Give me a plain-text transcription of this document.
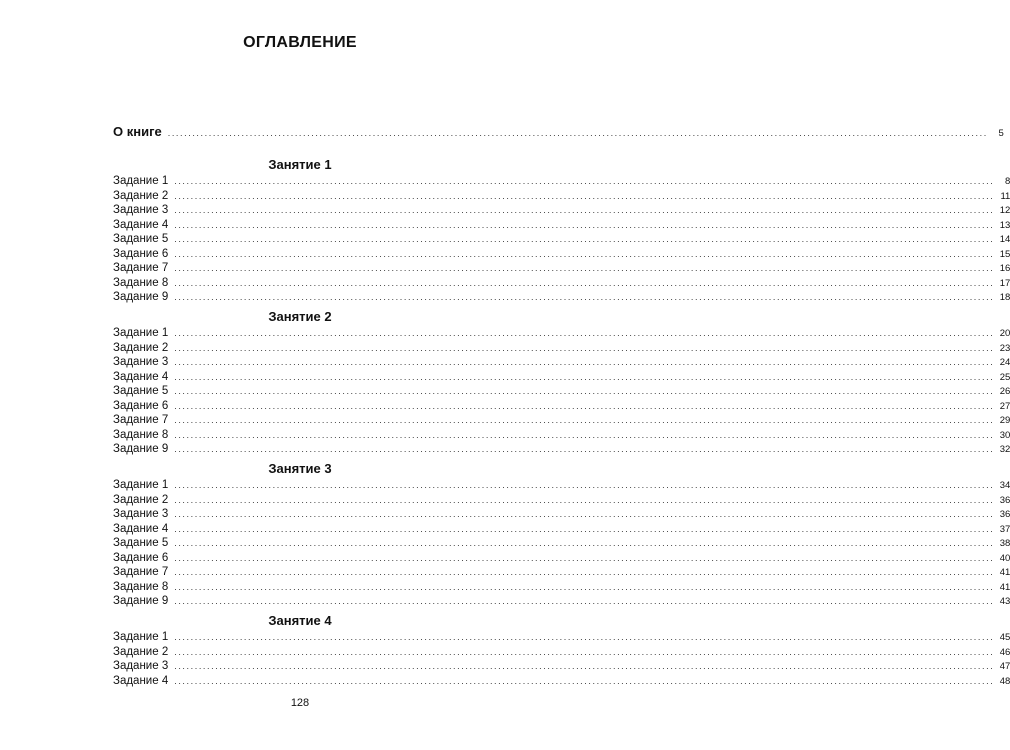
ОГЛАВЛЕНИЕ
О книге ........................................................................................................................................................................................................	5
Занятие 1
Задание 1 ........................................................................................................................................................................................................	8
Задание 2 ........................................................................................................................................................................................................ 11
Задание 3 ........................................................................................................................................................................................................ 12
Задание 4 ........................................................................................................................................................................................................ 13
Задание 5 ........................................................................................................................................................................................................ 14
Задание 6 ........................................................................................................................................................................................................ 15
Задание 7 ........................................................................................................................................................................................................ 16
Задание 8 ........................................................................................................................................................................................................ 17
Задание 9 ........................................................................................................................................................................................................ 18
Занятие 2
Задание 1 ........................................................................................................................................................................................................ 20
Задание 2 ........................................................................................................................................................................................................ 23
Задание 3 ........................................................................................................................................................................................................ 24
Задание 4 ........................................................................................................................................................................................................ 25
Задание 5 ........................................................................................................................................................................................................ 26
Задание 6 ........................................................................................................................................................................................................ 27
Задание 7 ........................................................................................................................................................................................................ 29
Задание 8 ........................................................................................................................................................................................................ 30
Задание 9 ........................................................................................................................................................................................................ 32
Занятие 3
Задание 1 ........................................................................................................................................................................................................ 34
Задание 2 ........................................................................................................................................................................................................ 36
Задание 3 ........................................................................................................................................................................................................ 36
Задание 4 ........................................................................................................................................................................................................ 37
Задание 5 ........................................................................................................................................................................................................ 38
Задание 6 ........................................................................................................................................................................................................ 40
Задание 7 ........................................................................................................................................................................................................ 41
Задание 8 ........................................................................................................................................................................................................ 41
Задание 9 ........................................................................................................................................................................................................ 43
Занятие 4
Задание 1 ........................................................................................................................................................................................................ 45
Задание 2 ........................................................................................................................................................................................................ 46
Задание 3 ........................................................................................................................................................................................................ 47
Задание 4 ........................................................................................................................................................................................................ 48
128
